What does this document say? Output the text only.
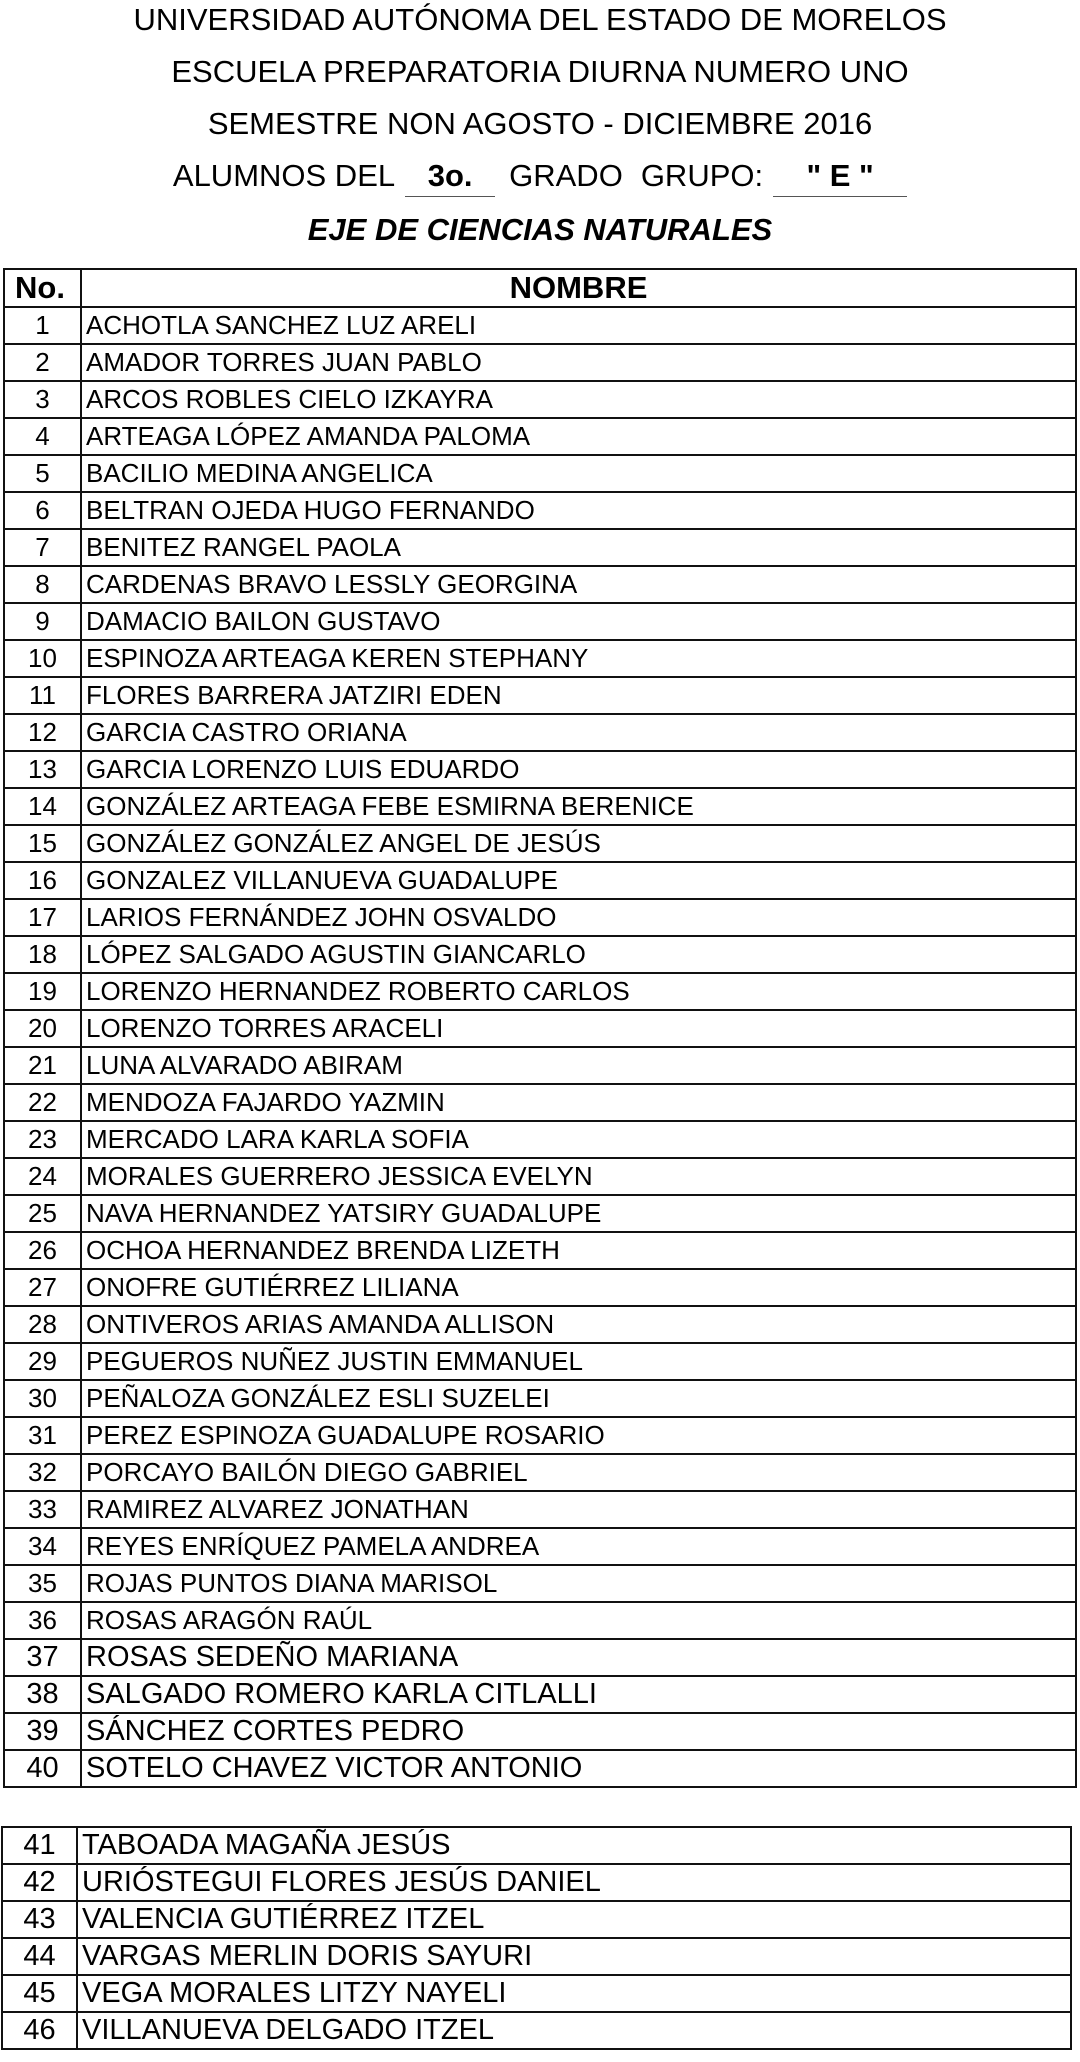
UNIVERSIDAD AUTÓNOMA DEL ESTADO DE MORELOS
ESCUELA PREPARATORIA DIURNA NUMERO UNO
SEMESTRE NON AGOSTO - DICIEMBRE 2016
ALUMNOS DEL 3o. GRADO GRUPO: " E "
EJE DE CIENCIAS NATURALES
No.	NOMBRE
1	ACHOTLA SANCHEZ LUZ ARELI
2	AMADOR TORRES JUAN PABLO
3	ARCOS ROBLES CIELO IZKAYRA
4	ARTEAGA LÓPEZ AMANDA PALOMA
5	BACILIO MEDINA ANGELICA
6	BELTRAN OJEDA HUGO FERNANDO
7	BENITEZ RANGEL PAOLA
8	CARDENAS BRAVO LESSLY GEORGINA
9	DAMACIO BAILON GUSTAVO
10	ESPINOZA ARTEAGA KEREN STEPHANY
11	FLORES BARRERA JATZIRI EDEN
12	GARCIA CASTRO ORIANA
13	GARCIA LORENZO LUIS EDUARDO
14	GONZÁLEZ ARTEAGA FEBE ESMIRNA BERENICE
15	GONZÁLEZ GONZÁLEZ ANGEL DE JESÚS
16	GONZALEZ VILLANUEVA GUADALUPE
17	LARIOS FERNÁNDEZ JOHN OSVALDO
18	LÓPEZ SALGADO AGUSTIN GIANCARLO
19	LORENZO HERNANDEZ ROBERTO CARLOS
20	LORENZO TORRES ARACELI
21	LUNA ALVARADO ABIRAM
22	MENDOZA FAJARDO YAZMIN
23	MERCADO LARA KARLA SOFIA
24	MORALES GUERRERO JESSICA EVELYN
25	NAVA HERNANDEZ YATSIRY GUADALUPE
26	OCHOA HERNANDEZ BRENDA LIZETH
27	ONOFRE GUTIÉRREZ LILIANA
28	ONTIVEROS ARIAS AMANDA ALLISON
29	PEGUEROS NUÑEZ JUSTIN EMMANUEL
30	PEÑALOZA GONZÁLEZ ESLI SUZELEI
31	PEREZ ESPINOZA GUADALUPE ROSARIO
32	PORCAYO BAILÓN DIEGO GABRIEL
33	RAMIREZ ALVAREZ JONATHAN
34	REYES ENRÍQUEZ PAMELA ANDREA
35	ROJAS PUNTOS DIANA MARISOL
36	ROSAS ARAGÓN RAÚL
37	ROSAS SEDEÑO MARIANA
38	SALGADO ROMERO KARLA CITLALLI
39	SÁNCHEZ CORTES PEDRO
40	SOTELO CHAVEZ VICTOR ANTONIO
41	TABOADA MAGAÑA JESÚS
42	URIÓSTEGUI FLORES JESÚS DANIEL
43	VALENCIA GUTIÉRREZ ITZEL
44	VARGAS MERLIN DORIS SAYURI
45	VEGA MORALES LITZY NAYELI
46	VILLANUEVA DELGADO ITZEL
